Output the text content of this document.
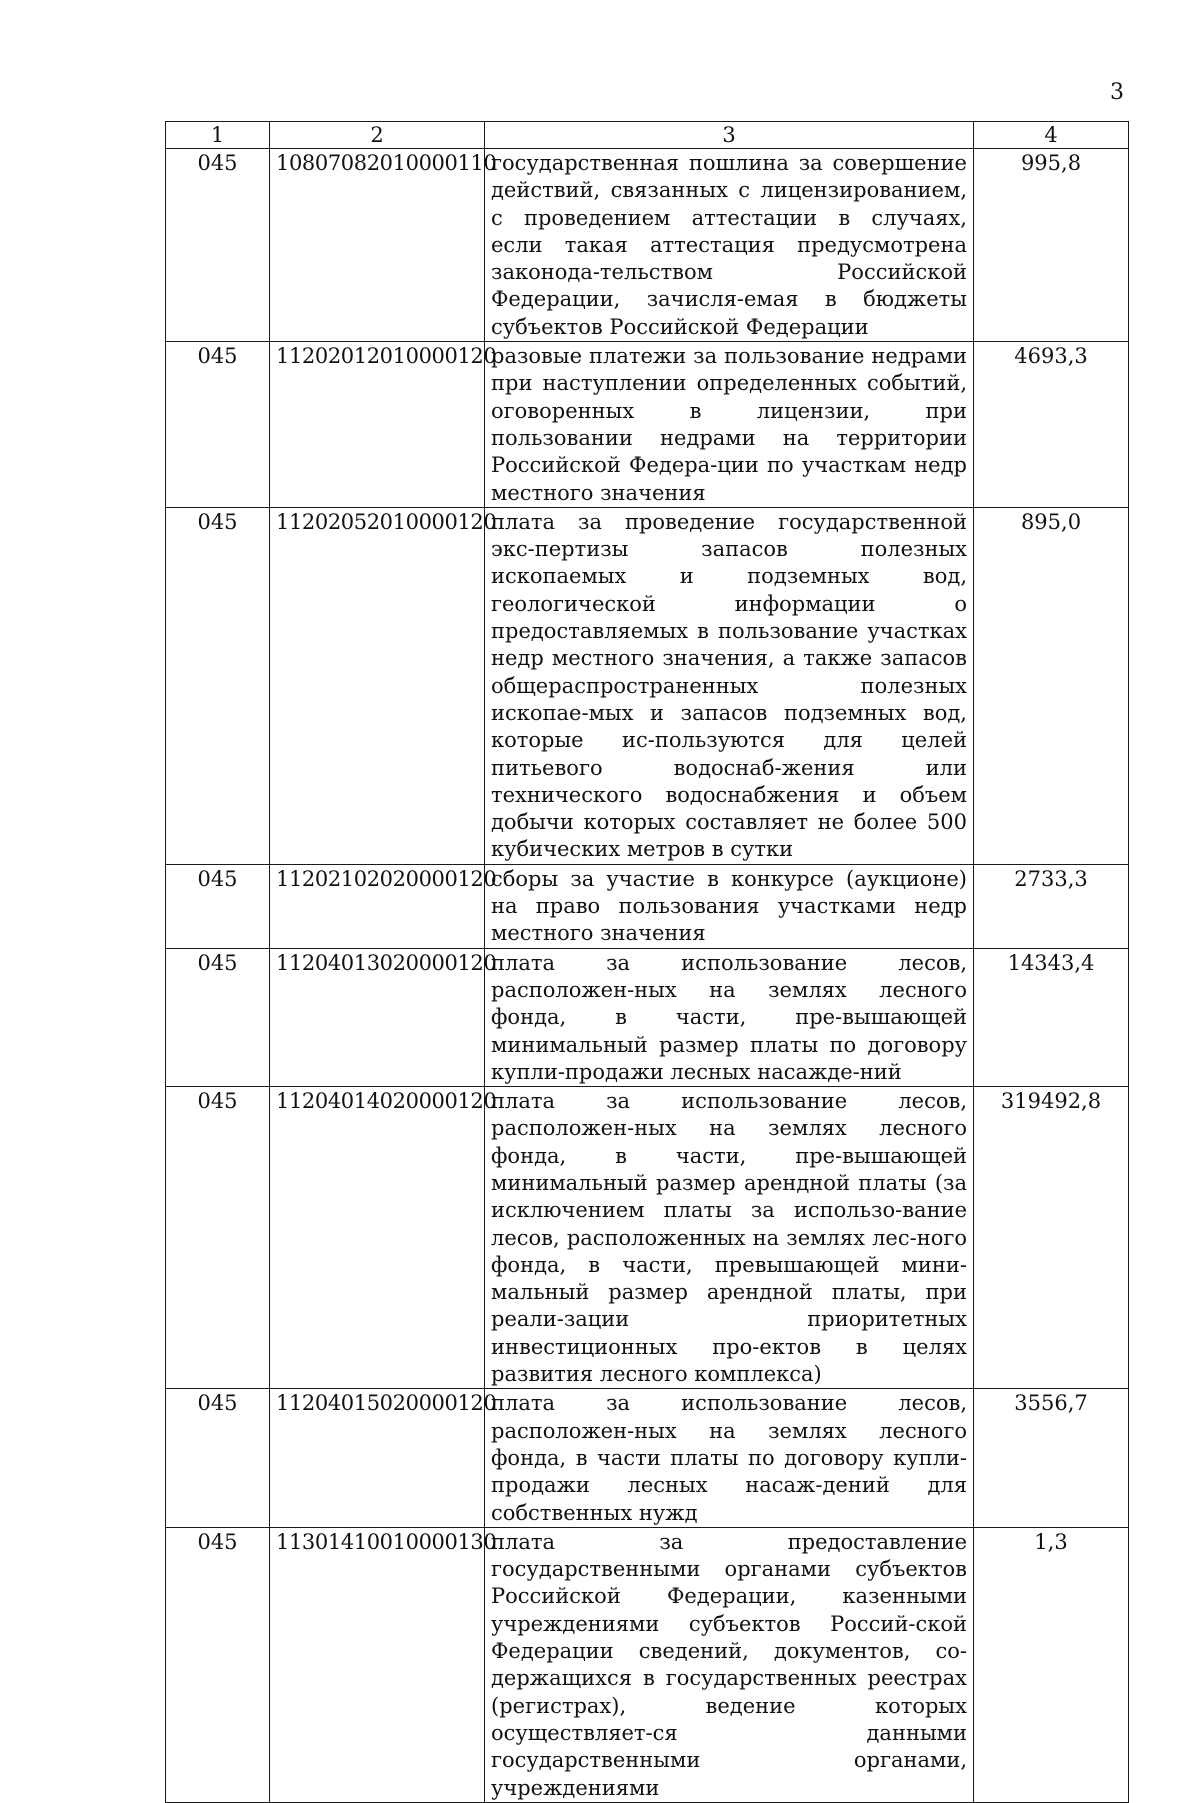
3
1	2	3	4
045	10807082010000110	государственная пошлина за совершение действий, связанных с лицензированием, с проведением аттестации в случаях, если такая аттестация предусмотрена законода-тельством Российской Федерации, зачисля-емая в бюджеты субъектов Российской Федерации	995,8
045	11202012010000120	разовые платежи за пользование недрами при наступлении определенных событий, оговоренных в лицензии, при пользовании недрами на территории Российской Федера-ции по участкам недр местного значения	4693,3
045	11202052010000120	плата за проведение государственной экс-пертизы запасов полезных ископаемых и подземных вод, геологической информации о предоставляемых в пользование участках недр местного значения, а также запасов общераспространенных полезных ископае-мых и запасов подземных вод, которые ис-пользуются для целей питьевого водоснаб-жения или технического водоснабжения и объем добычи которых составляет не более 500 кубических метров в сутки	895,0
045	11202102020000120	сборы за участие в конкурсе (аукционе) на право пользования участками недр местного значения	2733,3
045	11204013020000120	плата за использование лесов, расположен-ных на землях лесного фонда, в части, пре-вышающей минимальный размер платы по договору купли-продажи лесных насажде-ний	14343,4
045	11204014020000120	плата за использование лесов, расположен-ных на землях лесного фонда, в части, пре-вышающей минимальный размер арендной платы (за исключением платы за использо-вание лесов, расположенных на землях лес-ного фонда, в части, превышающей мини-мальный размер арендной платы, при реали-зации приоритетных инвестиционных про-ектов в целях развития лесного комплекса)	319492,8
045	11204015020000120	плата за использование лесов, расположен-ных на землях лесного фонда, в части платы по договору купли-продажи лесных насаж-дений для собственных нужд	3556,7
045	11301410010000130	плата за предоставление государственными органами субъектов Российской Федерации, казенными учреждениями субъектов Россий-ской Федерации сведений, документов, со-держащихся в государственных реестрах (регистрах), ведение которых осуществляет-ся данными государственными органами, учреждениями	1,3
